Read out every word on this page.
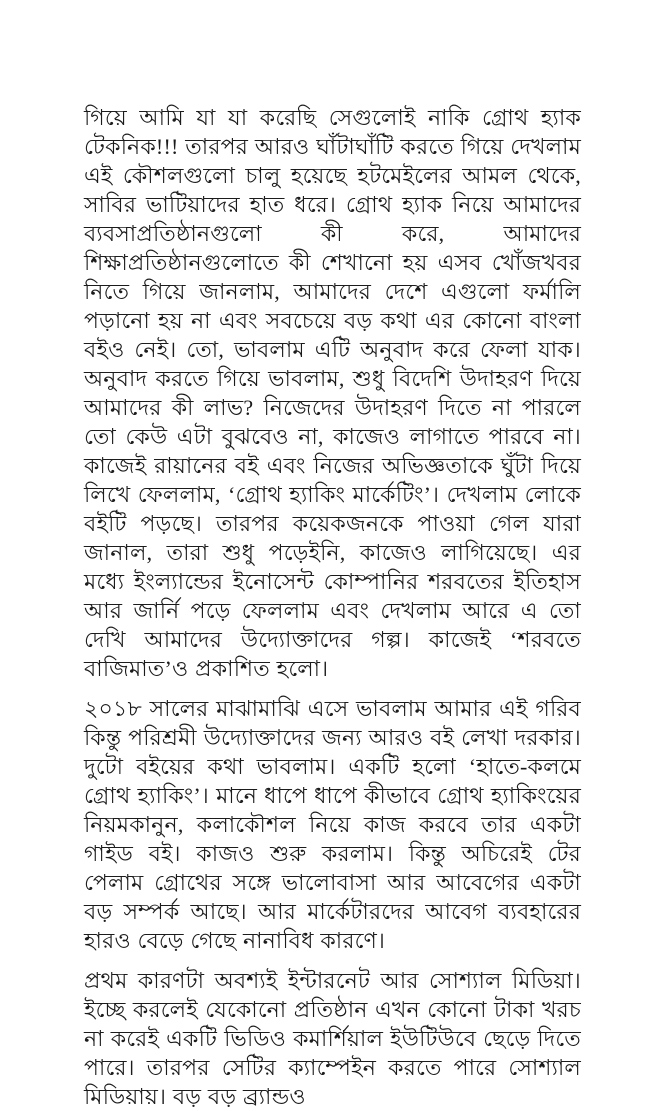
গিয়ে আমি যা যা করেছি সেগুলোই নাকি গ্রোথ হ্যাক টেকনিক!!! তারপর আরও ঘাঁটাঘাঁটি করতে গিয়ে দেখলাম এই কৌশলগুলো চালু হয়েছে হটমেইলের আমল থেকে, সাবির ভাটিয়াদের হাত ধরে। গ্রোথ হ্যাক নিয়ে আমাদের ব্যবসাপ্রতিষ্ঠানগুলো কী করে, আমাদের শিক্ষাপ্রতিষ্ঠানগুলোতে কী শেখানো হয় এসব খোঁজখবর নিতে গিয়ে জানলাম, আমাদের দেশে এগুলো ফর্মালি পড়ানো হয় না এবং সবচেয়ে বড় কথা এর কোনো বাংলা বইও নেই। তো, ভাবলাম এটি অনুবাদ করে ফেলা যাক। অনুবাদ করতে গিয়ে ভাবলাম, শুধু বিদেশি উদাহরণ দিয়ে আমাদের কী লাভ? নিজেদের উদাহরণ দিতে না পারলে তো কেউ এটা বুঝবেও না, কাজেও লাগাতে পারবে না। কাজেই রায়ানের বই এবং নিজের অভিজ্ঞতাকে ঘুঁটা দিয়ে লিখে ফেললাম, ‘গ্রোথ হ্যাকিং মার্কেটিং’। দেখলাম লোকে বইটি পড়ছে। তারপর কয়েকজনকে পাওয়া গেল যারা জানাল, তারা শুধু পড়েইনি, কাজেও লাগিয়েছে। এর মধ্যে ইংল্যান্ডের ইনোসেন্ট কোম্পানির শরবতের ইতিহাস আর জার্নি পড়ে ফেললাম এবং দেখলাম আরে এ তো দেখি আমাদের উদ্যোক্তাদের গল্প। কাজেই ‘শরবতে বাজিমাত’ও প্রকাশিত হলো।

২০১৮ সালের মাঝামাঝি এসে ভাবলাম আমার এই গরিব কিন্তু পরিশ্রমী উদ্যোক্তাদের জন্য আরও বই লেখা দরকার। দুটো বইয়ের কথা ভাবলাম। একটি হলো ‘হাতে-কলমে গ্রোথ হ্যাকিং’। মানে ধাপে ধাপে কীভাবে গ্রোথ হ্যাকিংয়ের নিয়মকানুন, কলাকৌশল নিয়ে কাজ করবে তার একটা গাইড বই। কাজও শুরু করলাম। কিন্তু অচিরেই টের পেলাম গ্রোথের সঙ্গে ভালোবাসা আর আবেগের একটা বড় সম্পর্ক আছে। আর মার্কেটারদের আবেগ ব্যবহারের হারও বেড়ে গেছে নানাবিধ কারণে।

প্রথম কারণটা অবশ্যই ইন্টারনেট আর সোশ্যাল মিডিয়া। ইচ্ছে করলেই যেকোনো প্রতিষ্ঠান এখন কোনো টাকা খরচ না করেই একটি ভিডিও কমার্শিয়াল ইউটিউবে ছেড়ে দিতে পারে। তারপর সেটির ক্যাম্পেইন করতে পারে সোশ্যাল মিডিয়ায়। বড় বড় ব্র্যান্ডও
